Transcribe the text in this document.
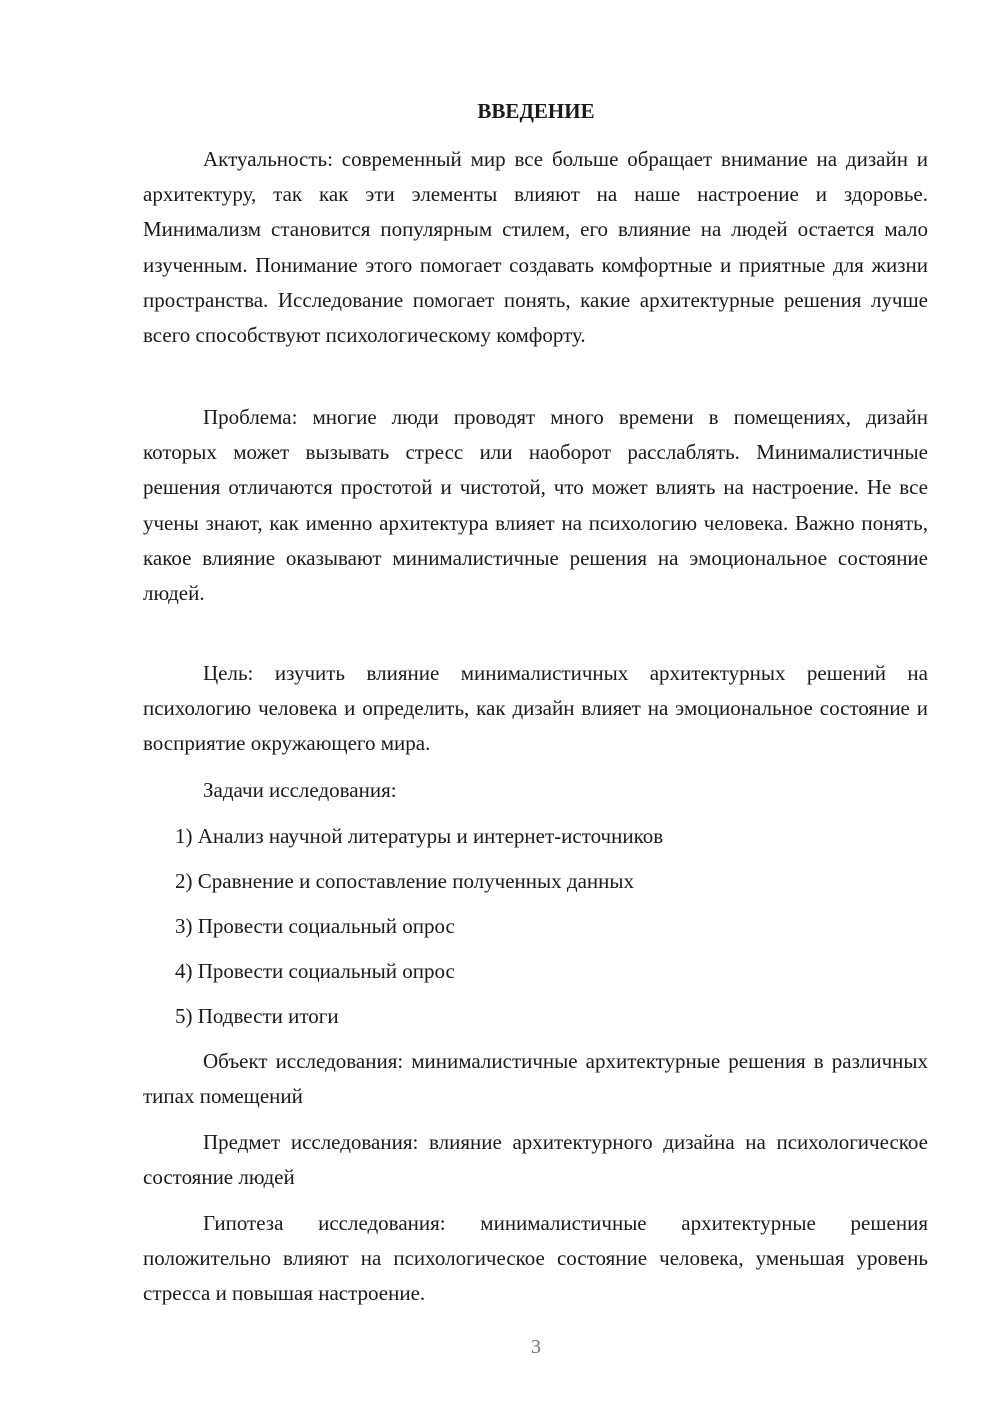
ВВЕДЕНИЕ

Актуальность: современный мир все больше обращает внимание на дизайн и архитектуру, так как эти элементы влияют на наше настроение и здоровье. Минимализм становится популярным стилем, его влияние на людей остается мало изученным. Понимание этого помогает создавать комфортные и приятные для жизни пространства. Исследование помогает понять, какие архитектурные решения лучше всего способствуют психологическому комфорту.

Проблема: многие люди проводят много времени в помещениях, дизайн которых может вызывать стресс или наоборот расслаблять. Минималистичные решения отличаются простотой и чистотой, что может влиять на настроение. Не все учены знают, как именно архитектура влияет на психологию человека. Важно понять, какое влияние оказывают минималистичные решения на эмоциональное состояние людей.

Цель: изучить влияние минималистичных архитектурных решений на психологию человека и определить, как дизайн влияет на эмоциональное состояние и восприятие окружающего мира.

Задачи исследования:

1) Анализ научной литературы и интернет-источников

2) Сравнение и сопоставление полученных данных

3) Провести социальный опрос

4) Провести социальный опрос

5) Подвести итоги

Объект исследования: минималистичные архитектурные решения в различных типах помещений

Предмет исследования: влияние архитектурного дизайна на психологическое состояние людей

Гипотеза исследования: минималистичные архитектурные решения положительно влияют на психологическое состояние человека, уменьшая уровень стресса и повышая настроение.

3
